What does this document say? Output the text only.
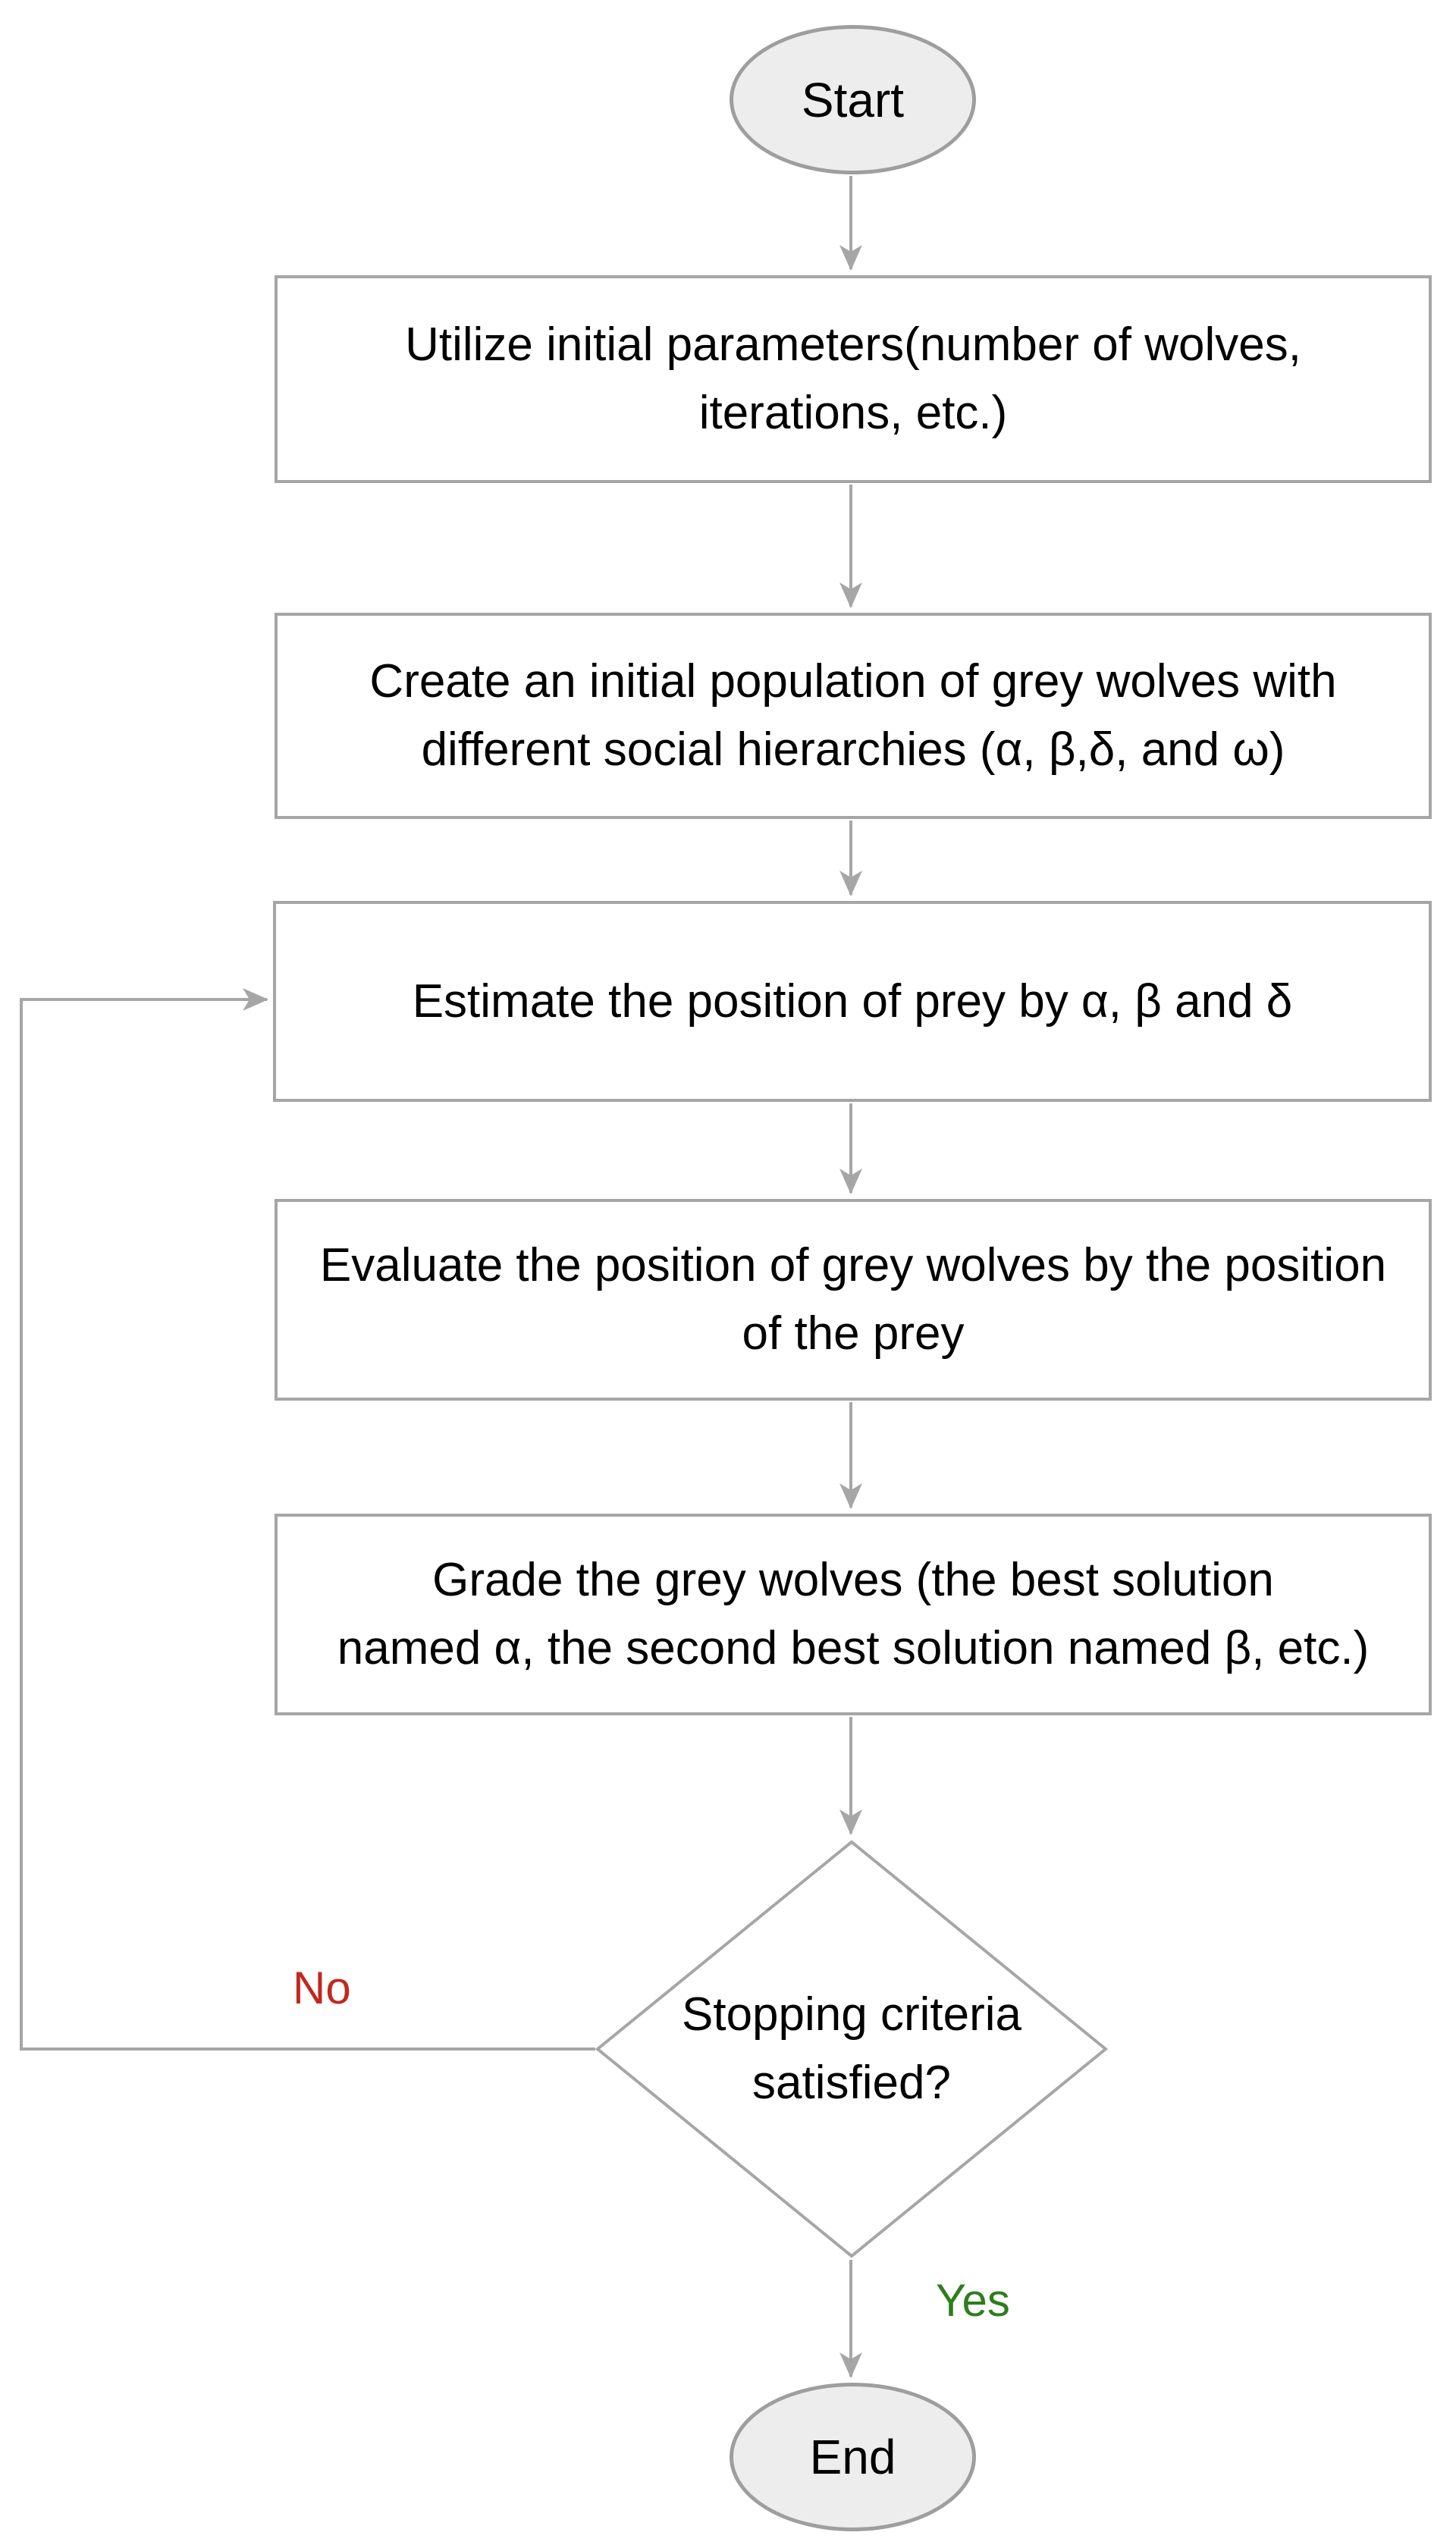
Start
Utilize initial parameters(number of wolves,
iterations, etc.)
Create an initial population of grey wolves with
different social hierarchies (α, β,δ, and ω)
Estimate the position of prey by α, β and δ
Evaluate the position of grey wolves by the position
of the prey
Grade the grey wolves (the best solution
named α, the second best solution named β, etc.)
Stopping criteria
satisfied?
End
No
Yes
